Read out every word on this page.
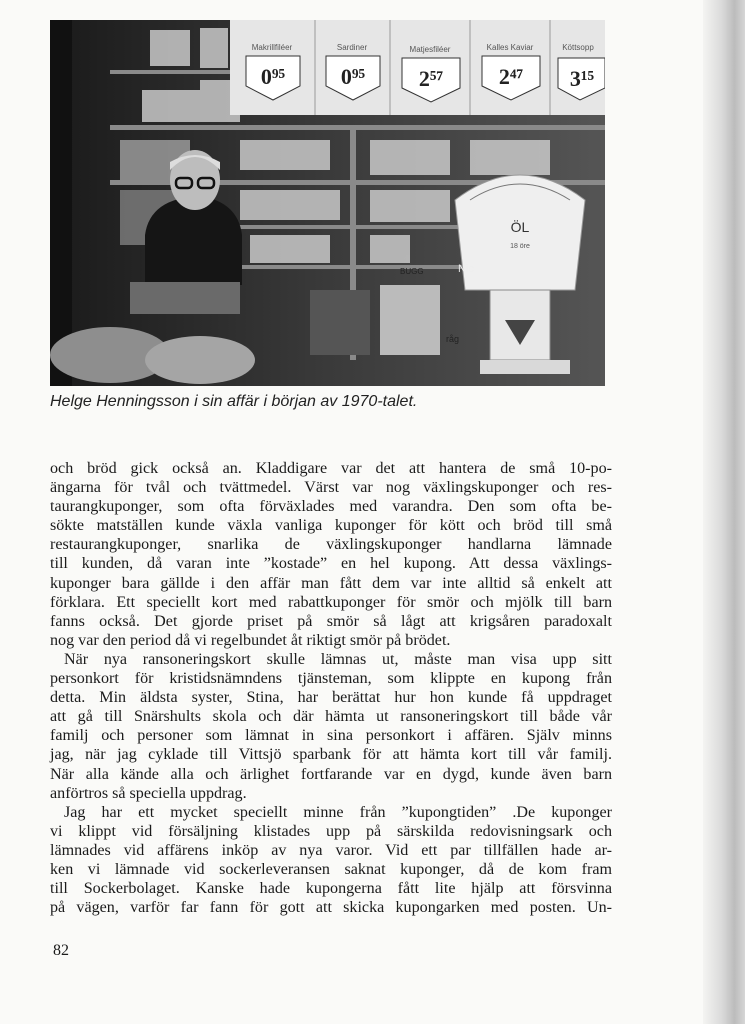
Makrillfiléer	Sardiner	Matjesfiléer	Kalles Kaviar	Köttsopp
0⁹⁵	0⁹⁵ 2⁵⁷	2⁴⁷ 3¹⁵
ÖL
18 öre
BUGG	Nic
råg
Helge Henningsson i sin affär i början av 1970-talet.
och bröd gick också an. Kladdigare var det att hantera de små 10-po-
ängarna för tvål och tvättmedel. Värst var nog växlingskuponger och res-
taurangkuponger, som ofta förväxlades med varandra. Den som ofta be-
sökte matställen kunde växla vanliga kuponger för kött och bröd till små
restaurangkuponger, snarlika de växlingskuponger handlarna lämnade
till kunden, då varan inte ”kostade” en hel kupong. Att dessa växlings-
kuponger bara gällde i den affär man fått dem var inte alltid så enkelt att
förklara. Ett speciellt kort med rabattkuponger för smör och mjölk till barn
fanns också. Det gjorde priset på smör så lågt att krigsåren paradoxalt
nog var den period då vi regelbundet åt riktigt smör på brödet.
När nya ransoneringskort skulle lämnas ut, måste man visa upp sitt
personkort för kristidsnämndens tjänsteman, som klippte en kupong från
detta. Min äldsta syster, Stina, har berättat hur hon kunde få uppdraget
att gå till Snärshults skola och där hämta ut ransoneringskort till både vår
familj och personer som lämnat in sina personkort i affären. Själv minns
jag, när jag cyklade till Vittsjö sparbank för att hämta kort till vår familj.
När alla kände alla och ärlighet fortfarande var en dygd, kunde även barn
anförtros så speciella uppdrag.
Jag har ett mycket speciellt minne från ”kupongtiden” .De kuponger
vi klippt vid försäljning klistades upp på särskilda redovisningsark och
lämnades vid affärens inköp av nya varor. Vid ett par tillfällen hade ar-
ken vi lämnade vid sockerleveransen saknat kuponger, då de kom fram
till Sockerbolaget. Kanske hade kupongerna fått lite hjälp att försvinna
på vägen, varför far fann för gott att skicka kupongarken med posten. Un-
82
